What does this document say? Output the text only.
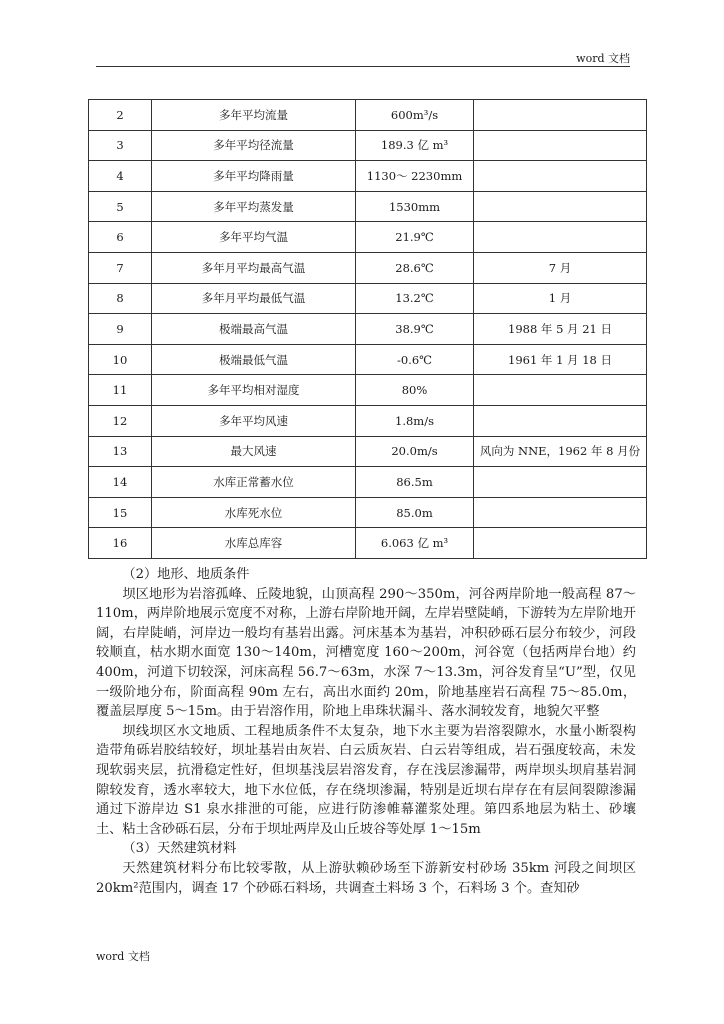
word 文档
2	多年平均流量	600m³/s	
3	多年平均径流量	189.3 亿 m³	
4	多年平均降雨量	1130～ 2230mm	
5	多年平均蒸发量	1530mm	
6	多年平均气温	21.9℃	
7	多年月平均最高气温	28.6℃	7 月
8	多年月平均最低气温	13.2℃	1 月
9	极端最高气温	38.9℃	1988 年 5 月 21 日
10	极端最低气温	-0.6℃	1961 年 1 月 18 日
11	多年平均相对湿度	80%	
12	多年平均风速	1.8m/s	
13	最大风速	20.0m/s	风向为 NNE，1962 年 8 月份
14	水库正常蓄水位	86.5m	
15	水库死水位	85.0m	
16	水库总库容	6.063 亿 m³	

（2）地形、地质条件

坝区地形为岩溶孤峰、丘陵地貌，山顶高程 290～350m，河谷两岸阶地一般高程 87～110m，两岸阶地展示宽度不对称，上游右岸阶地开阔，左岸岩壁陡峭，下游转为左岸阶地开阔，右岸陡峭，河岸边一般均有基岩出露。河床基本为基岩，冲积砂砾石层分布较少，河段较顺直，枯水期水面宽 130～140m，河槽宽度 160～200m，河谷宽（包括两岸台地）约 400m，河道下切较深，河床高程 56.7～63m，水深 7～13.3m，河谷发育呈“U”型，仅见一级阶地分布，阶面高程 90m 左右，高出水面约 20m，阶地基座岩石高程 75～85.0m，覆盖层厚度 5～15m。由于岩溶作用，阶地上串珠状漏斗、落水洞较发育，地貌欠平整

坝线坝区水文地质、工程地质条件不太复杂，地下水主要为岩溶裂隙水，水量小断裂构造带角砾岩胶结较好，坝址基岩由灰岩、白云质灰岩、白云岩等组成，岩石强度较高，未发现软弱夹层，抗滑稳定性好，但坝基浅层岩溶发育，存在浅层渗漏带，两岸坝头坝肩基岩洞隙较发育，透水率较大，地下水位低，存在绕坝渗漏，特别是近坝右岸存在有层间裂隙渗漏通过下游岸边 S1 泉水排泄的可能，应进行防渗帷幕灌浆处理。第四系地层为粘土、砂壤土、粘土含砂砾石层，分布于坝址两岸及山丘坡谷等处厚 1～15m

（3）天然建筑材料

天然建筑材料分布比较零散，从上游驮赖砂场至下游新安村砂场 35km 河段之间坝区 20km²范围内，调查 17 个砂砾石料场，共调查土料场 3 个，石料场 3 个。查知砂

word 文档
